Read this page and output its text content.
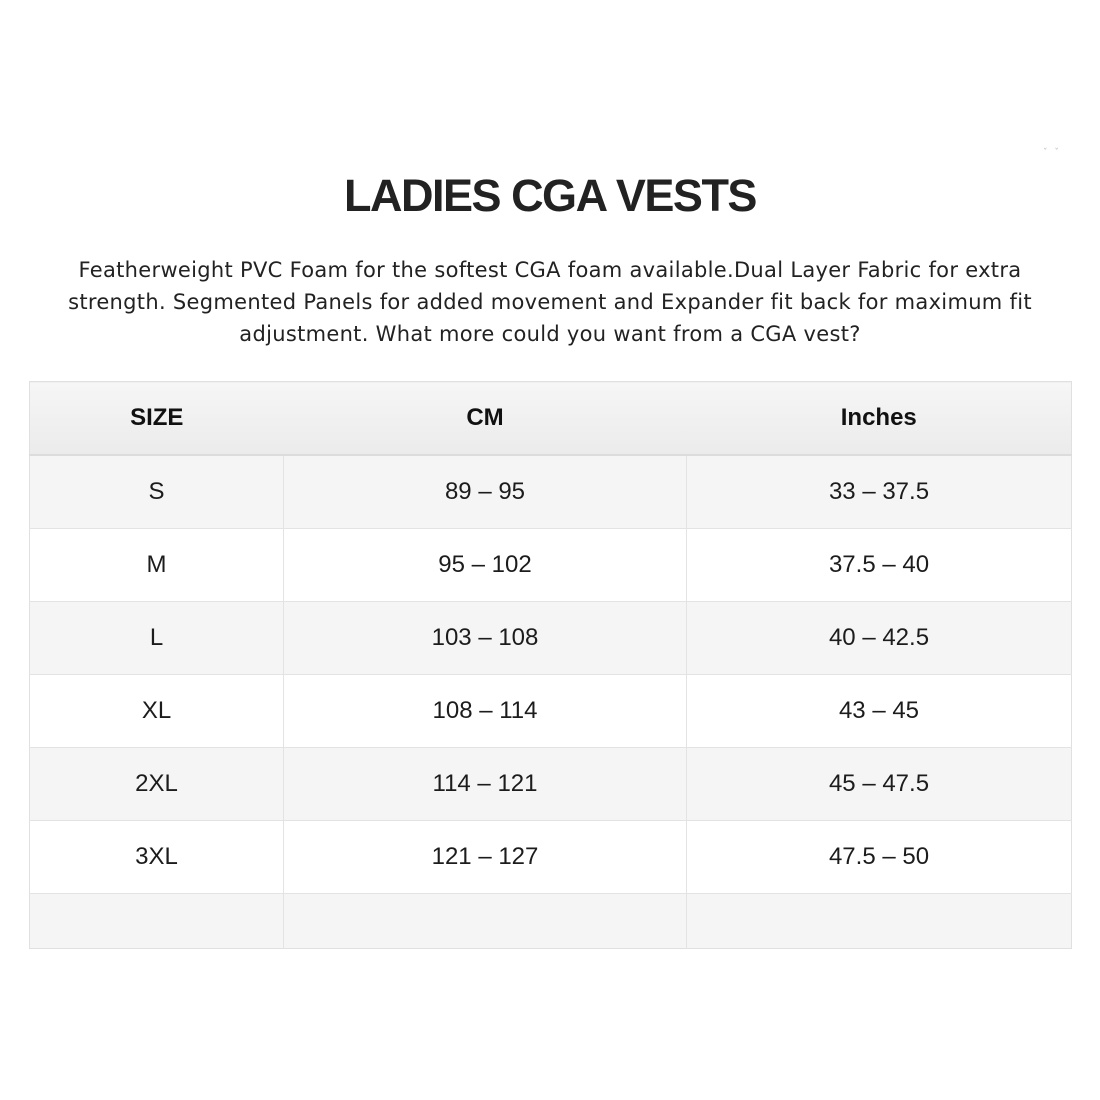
ˇ ˇ
LADIES CGA VESTS

Featherweight PVC Foam for the softest CGA foam available.Dual Layer Fabric for extra strength. Segmented Panels for added movement and Expander fit back for maximum fit adjustment. What more could you want from a CGA vest?

SIZE	CM	Inches
S	89 – 95	33 – 37.5
M	95 – 102	37.5 – 40
L	103 – 108	40 – 42.5
XL	108 – 114	43 – 45
2XL	114 – 121	45 – 47.5
3XL	121 – 127	47.5 – 50
